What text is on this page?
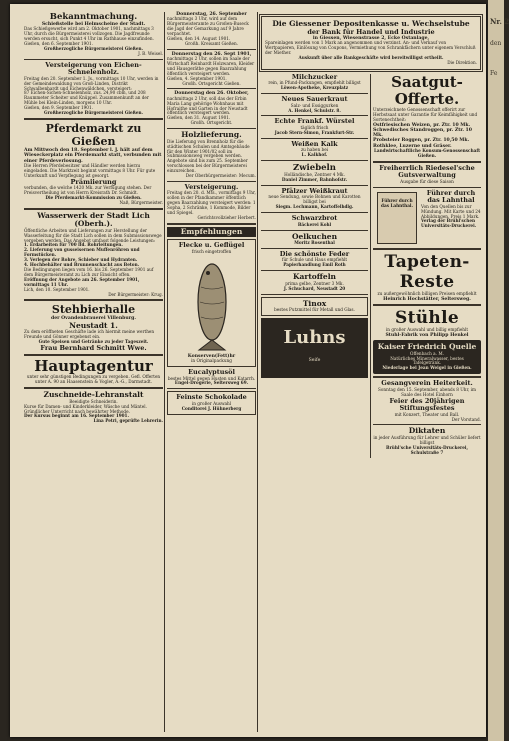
Bekanntmachung.
Schießstelle bei Helmscheine der Stadt.
Das Schießgewerbe wird am 2. Oktober 1901, nachmittags 3 Uhr, durch die Bürgermeisterei vollzogen. Die Jagdfreunde werden ersucht, sich Punkt 4 Uhr im Rathhause einzufinden.
Gießen, den 6. September 1901.
Großherzogliche Bürgermeisterei Gießen.
J. B. Weisel.
Versteigerung von Eichen-Schnelenholz.
Freitag den 20. September 1. Js., vormittags 10 Uhr, werden in der Gemeindewaldung von Groß-Linden, Distrikt Schwalbenhardt und Eichenwäldchen, versteigert:
87 Eichen-Sichen-Schnelenholz, zus. 24,90 cbm, und 208 Raummeter Scheiter und Knüppel. Zusammenkunft an der Mühle bei Klein-Linden, morgens 10 Uhr.
Gießen, den 9. September 1901.
Großherzogliche Bürgermeisterei Gießen.
Pferdemarkt zu Gießen
Am Mittwoch den 18. September l. J. hält auf dem Wieseckerplatz ein Pferdemarkt statt, verbunden mit einer Pferdeverlosung.
Die Herren Pferdebesitzer und Händler werden hierzu eingeladen. Die Marktzeit beginnt vormittags 8 Uhr. Für gute Unterkunft und Verpflegung ist gesorgt.
Prämiierung
verbunden, die welche 1420 Mk. zur Verfügung stehen. Der Preisvertheilung ist von Herrn Kreisrath Dr. Schmidt.
Die Pferdemarkt-Kommission zu Gießen.
Naß, Bürgermeister.
Wasserwerk der Stadt Lich (Oberh.).
Öffentliche Arbeiten und Lieferungen zur Herstellung der Wasserleitung für die Stadt Lich sollen in dem Submissionswege vergeben werden. Das Angebot umfasst folgende Leistungen:
1. Erdarbeiten für 700 lfd. Rohrleitungen.
2. Lieferung von gusseisernen Muffenröhren und Formstücken.
3. Verlegen der Rohre, Schieber und Hydranten.
4. Hochbehälter und Brunnenschacht aus Beton.
Die Bedingungen liegen vom 16. bis 26. September 1901 auf dem Bürgermeisteramt zu Lich zur Einsicht offen.
Eröffnung der Angebote am 26. September 1901, vormittags 11 Uhr.
Lich, den 10. September 1901.
Der Bürgermeister: Krug.
Stehbierhalle
der Ovandenbrauerei Villenburg.
Neustadt 1.
Zu dem eröffneten Geschäfte lade ich hiermit meine werthen Freunde und Gönner ergebenst ein.
Gute Speisen und Getränke zu jeder Tageszeit.
Frau Bernhard Schmitt Wwe.
Hauptagentur
unter sehr günstigen Bedingungen zu vergeben. Gefl. Offerten unter A. 90 an Haasenstein & Vogler, A.-G., Darmstadt.
Zuschneide-Lehranstalt
Beeidigte Schneiderin.
Kurse für Damen- und Kinderkleider, Wäsche und Mäntel. Gründlicher Unterricht nach bewährter Methode.
Der Kursus beginnt am 16. September 1901.
Lina Petri, geprüfte Lehrerin.
Donnerstag, 26. September
nachmittags 3 Uhr, wird auf dem Bürgermeisteramte zu Großen-Buseck die Jagd der Gemarkung auf 9 Jahre verpachtet.
Gießen, den 14. August 1901.
Großh. Kreisamt Gießen.
Donnerstag den 26. Sept 1901,
nachmittags 2 Uhr, sollen im Saale der Wirtschaft Reinhardt Holzwaren, Kleider und Hausgeräthe gegen Baarzahlung öffentlich versteigert werden.
Gießen, 4. September 1901.
Großh. Ortsgericht Gießen.
Donnerstag den 26. Oktober,
nachmittags 2 Uhr, soll das der Erbin Maria Lang gehörige Wohnhaus mit Hofraithe und Garten in der Neustadt öffentlich versteigert werden.
Gießen, den 31. August 1901.
Großh. Ortsgericht.
Holzlieferung.
Die Lieferung von Brennholz für die städtischen Schulen und Amtsgebäude für den Winter 1901/02 soll im Submissionsweg vergeben werden. Angebote sind bis zum 25. September verschlossen bei der Bürgermeisterei einzureichen.
Der Oberbürgermeister: Mecum.
Versteigerung.
Freitag den 20. d. Mts., vormittags 9 Uhr, sollen in der Pfandkammer öffentlich gegen Baarzahlung versteigert werden: 1 Sopha, 2 Schränke, 1 Kommode, Bilder und Spiegel.
Gerichtsvollzieher Herbert.
Empfehlungen
Flecke u. Geflügel
frisch eingetroffen
Konserven(Fett)hr
in Originalpackung
Eucalyptusöl
bestes Mittel gegen Husten und Katarrh.
Engel-Drogerie, Seltersweg 69.
Feinste Schokolade
in großer Auswahl
Conditorei J. Hühnerberg
Die Giessener Depositenkasse u. Wechselstube
der Bank für Handel und Industrie
in Giessen, Wiesenstrasse 2, Ecke Ostanlage,
Spareinlagen werden von 1 Mark an angenommen und verzinst. An- und Verkauf von Wertpapieren, Einlösung von Coupons, Vermiethung von Schrankfächern unter eigenem Verschluß der Miether.
Auskunft über alle Bankgeschäfte wird bereitwilligst ertheilt.
Die Direktion.
Milchzucker
rein, in Pfund-Packungen, empfiehlt billigst
Löwen-Apotheke, Kreuzplatz
Neues Sauerkraut
Salz- und Essiggurken
A. Henkel, Schulstr. 8.
Echte Frankf. Würstel
täglich frisch
Jacob Stern-Simon, Frankfurt-Str.
Weißen Kalk
zu haben bei
L. Kalkhof.
Zwiebeln
Holländische, Zentner 4 Mk.
Daniel Zimmer, Bahnhofstr.
Pfälzer Weißkraut
neue Sendung, sowie Bohnen und Karotten billigst bei
Siegm. Lechmann, Kartoffelhdlg.
Schwarzbrot
Bäckerei Kohl
Oelkuchen
Moritz Rosenthal
Die schönste Feder
für Schule und Haus empfiehlt
Papierhandlung Emil Roth
Kartoffeln
prima gelbe, Zentner 3 Mk.
J. Schuchard, Neustadt 20
Tinox
bestes Putzmittel für Metall und Glas.
Luhns
Seife
Saatgut-Offerte.
Unterzeichnete Genossenschaft offerirt zur Herbstsaat unter Garantie für Keimfähigkeit und Sortenechtheit:
Ostfriesischen Weizen, pr. Ztr. 10 Mk.
Schwedisches Standroggen, pr. Ztr. 10 Mk.
Probsteier Roggen, pr. Ztr. 10,50 Mk.
Rothklee, Luzerne und Gräser.
Landwirtschaftliche Konsum-Genossenschaft Gießen.
Freiherrlich Riedesel'sche Gutsverwaltung
Ausgabe für diese Saison
Führer durch das Lahnthal.
Führer durch das Lahnthal
Von den Quellen bis zur Mündung. Mit Karte und 24 Abbildungen. Preis 1 Mark.
Verlag der Brühl'schen Universitäts-Druckerei.
Tapeten-Reste
zu außergewöhnlich billigen Preisen empfiehlt
Heinrich Hochstätter, Seltersweg.
Stühle
in großer Auswahl und billig empfiehlt
Stuhl-Fabrik von Philipp Henkel
Kaiser Friedrich Quelle
Offenbach a. M.
Natürliches Mineralwasser, bestes Tafelgetränk.
Niederlage bei Jean Weigel in Gießen.
Gesangverein Heiterkeit.
Sonntag den 15. September, abends 8 Uhr, im Saale des Hotel Einhorn
Feier des 20jährigen Stiftungsfestes
mit Konzert, Theater und Ball.
Der Vorstand.
Diktaten
in jeder Ausführung für Lehrer und Schüler liefert billigst
Brühl'sche Universitäts-Druckerei, Schulstraße 7
Nr. 2
den
Fe
